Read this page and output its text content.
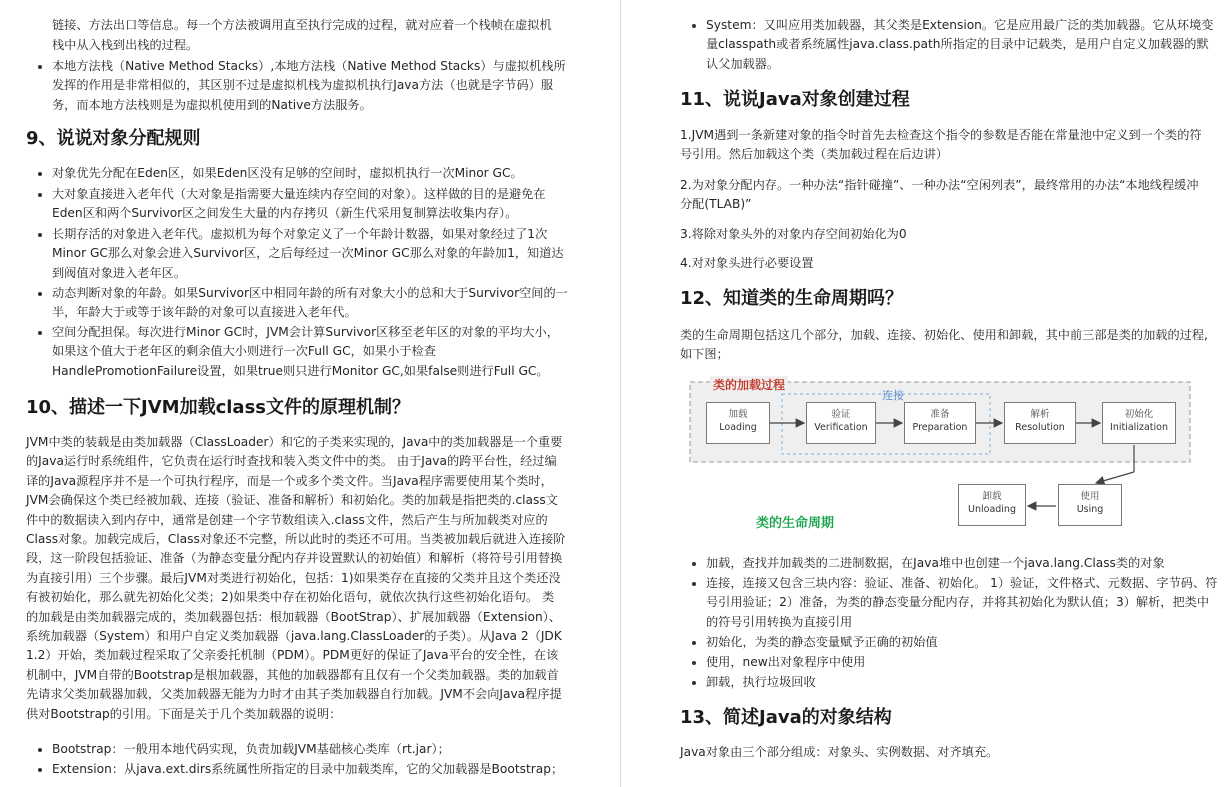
链接、方法出口等信息。每一个方法被调用直至执行完成的过程，就对应着一个栈帧在虚拟机

栈中从入栈到出栈的过程。

本地方法栈（Native Method Stacks）,本地方法栈（Native Method Stacks）与虚拟机栈所发挥的作用是非常相似的，其区别不过是虚拟机栈为虚拟机执行Java方法（也就是字节码）服务，而本地方法栈则是为虚拟机使用到的Native方法服务。
9、说说对象分配规则
对象优先分配在Eden区，如果Eden区没有足够的空间时，虚拟机执行一次Minor GC。
大对象直接进入老年代（大对象是指需要大量连续内存空间的对象）。这样做的目的是避免在Eden区和两个Survivor区之间发生大量的内存拷贝（新生代采用复制算法收集内存）。
长期存活的对象进入老年代。虚拟机为每个对象定义了一个年龄计数器，如果对象经过了1次Minor GC那么对象会进入Survivor区，之后每经过一次Minor GC那么对象的年龄加1，知道达到阀值对象进入老年区。
动态判断对象的年龄。如果Survivor区中相同年龄的所有对象大小的总和大于Survivor空间的一半，年龄大于或等于该年龄的对象可以直接进入老年代。
空间分配担保。每次进行Minor GC时，JVM会计算Survivor区移至老年区的对象的平均大小，如果这个值大于老年区的剩余值大小则进行一次Full GC，如果小于检查HandlePromotionFailure设置，如果true则只进行Monitor GC,如果false则进行Full GC。
10、描述一下JVM加载class文件的原理机制？

JVM中类的装载是由类加载器（ClassLoader）和它的子类来实现的，Java中的类加载器是一个重要的Java运行时系统组件，它负责在运行时查找和装入类文件中的类。 由于Java的跨平台性，经过编译的Java源程序并不是一个可执行程序，而是一个或多个类文件。当Java程序需要使用某个类时，JVM会确保这个类已经被加载、连接（验证、准备和解析）和初始化。类的加载是指把类的.class文件中的数据读入到内存中，通常是创建一个字节数组读入.class文件，然后产生与所加载类对应的Class对象。加载完成后，Class对象还不完整，所以此时的类还不可用。当类被加载后就进入连接阶段，这一阶段包括验证、准备（为静态变量分配内存并设置默认的初始值）和解析（将符号引用替换为直接引用）三个步骤。最后JVM对类进行初始化，包括：1)如果类存在直接的父类并且这个类还没有被初始化，那么就先初始化父类；2)如果类中存在初始化语句，就依次执行这些初始化语句。 类的加载是由类加载器完成的，类加载器包括：根加载器（BootStrap）、扩展加载器（Extension）、系统加载器（System）和用户自定义类加载器（java.lang.ClassLoader的子类）。从Java 2（JDK 1.2）开始，类加载过程采取了父亲委托机制（PDM）。PDM更好的保证了Java平台的安全性，在该机制中，JVM自带的Bootstrap是根加载器，其他的加载器都有且仅有一个父类加载器。类的加载首先请求父类加载器加载，父类加载器无能为力时才由其子类加载器自行加载。JVM不会向Java程序提供对Bootstrap的引用。下面是关于几个类加载器的说明：

Bootstrap：一般用本地代码实现，负责加载JVM基础核心类库（rt.jar）；
Extension：从java.ext.dirs系统属性所指定的目录中加载类库，它的父加载器是Bootstrap；
System：又叫应用类加载器，其父类是Extension。它是应用最广泛的类加载器。它从环境变量classpath或者系统属性java.class.path所指定的目录中记载类，是用户自定义加载器的默认父加载器。
11、说说Java对象创建过程

1.JVM遇到一条新建对象的指令时首先去检查这个指令的参数是否能在常量池中定义到一个类的符号引用。然后加载这个类（类加载过程在后边讲）

2.为对象分配内存。一种办法“指针碰撞”、一种办法“空闲列表”，最终常用的办法“本地线程缓冲分配(TLAB)”

3.将除对象头外的对象内存空间初始化为0

4.对对象头进行必要设置

12、知道类的生命周期吗？

类的生命周期包括这几个部分，加载、连接、初始化、使用和卸载，其中前三部是类的加载的过程,如下图；

类的加载过程
连接
加载
Loading
验证
Verification
准备
Preparation
解析
Resolution
初始化
Initialization
使用
Using
卸载
Unloading
类的生命周期
加载，查找并加载类的二进制数据，在Java堆中也创建一个java.lang.Class类的对象
连接，连接又包含三块内容：验证、准备、初始化。 1）验证，文件格式、元数据、字节码、符号引用验证；2）准备，为类的静态变量分配内存，并将其初始化为默认值；3）解析，把类中的符号引用转换为直接引用
初始化，为类的静态变量赋予正确的初始值
使用，new出对象程序中使用
卸载，执行垃圾回收
13、简述Java的对象结构

Java对象由三个部分组成：对象头、实例数据、对齐填充。
